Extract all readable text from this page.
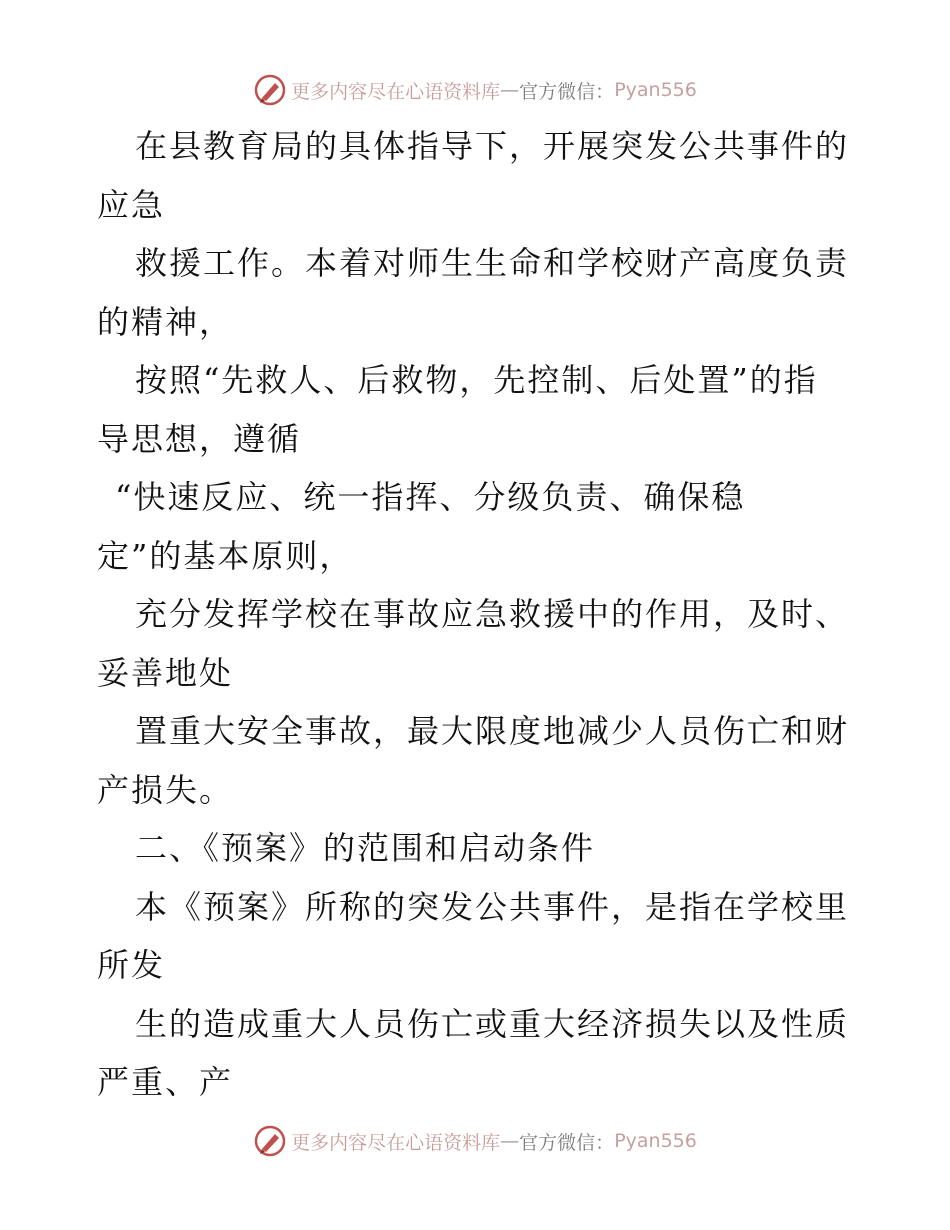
更多内容尽在心语资料库 — 官方微信： Pyan556

在县教育局的具体指导下，开展突发公共事件的

应急

救援工作。本着对师生生命和学校财产高度负责

的精神，

按照“先救人、后救物，先控制、后处置”的指

导思想，遵循

“快速反应、统一指挥、分级负责、确保稳

定”的基本原则，

充分发挥学校在事故应急救援中的作用，及时、

妥善地处

置重大安全事故，最大限度地减少人员伤亡和财

产损失。

二、《预案》的范围和启动条件

本《预案》所称的突发公共事件，是指在学校里

所发

生的造成重大人员伤亡或重大经济损失以及性质

严重、产

更多内容尽在心语资料库 — 官方微信： Pyan556
